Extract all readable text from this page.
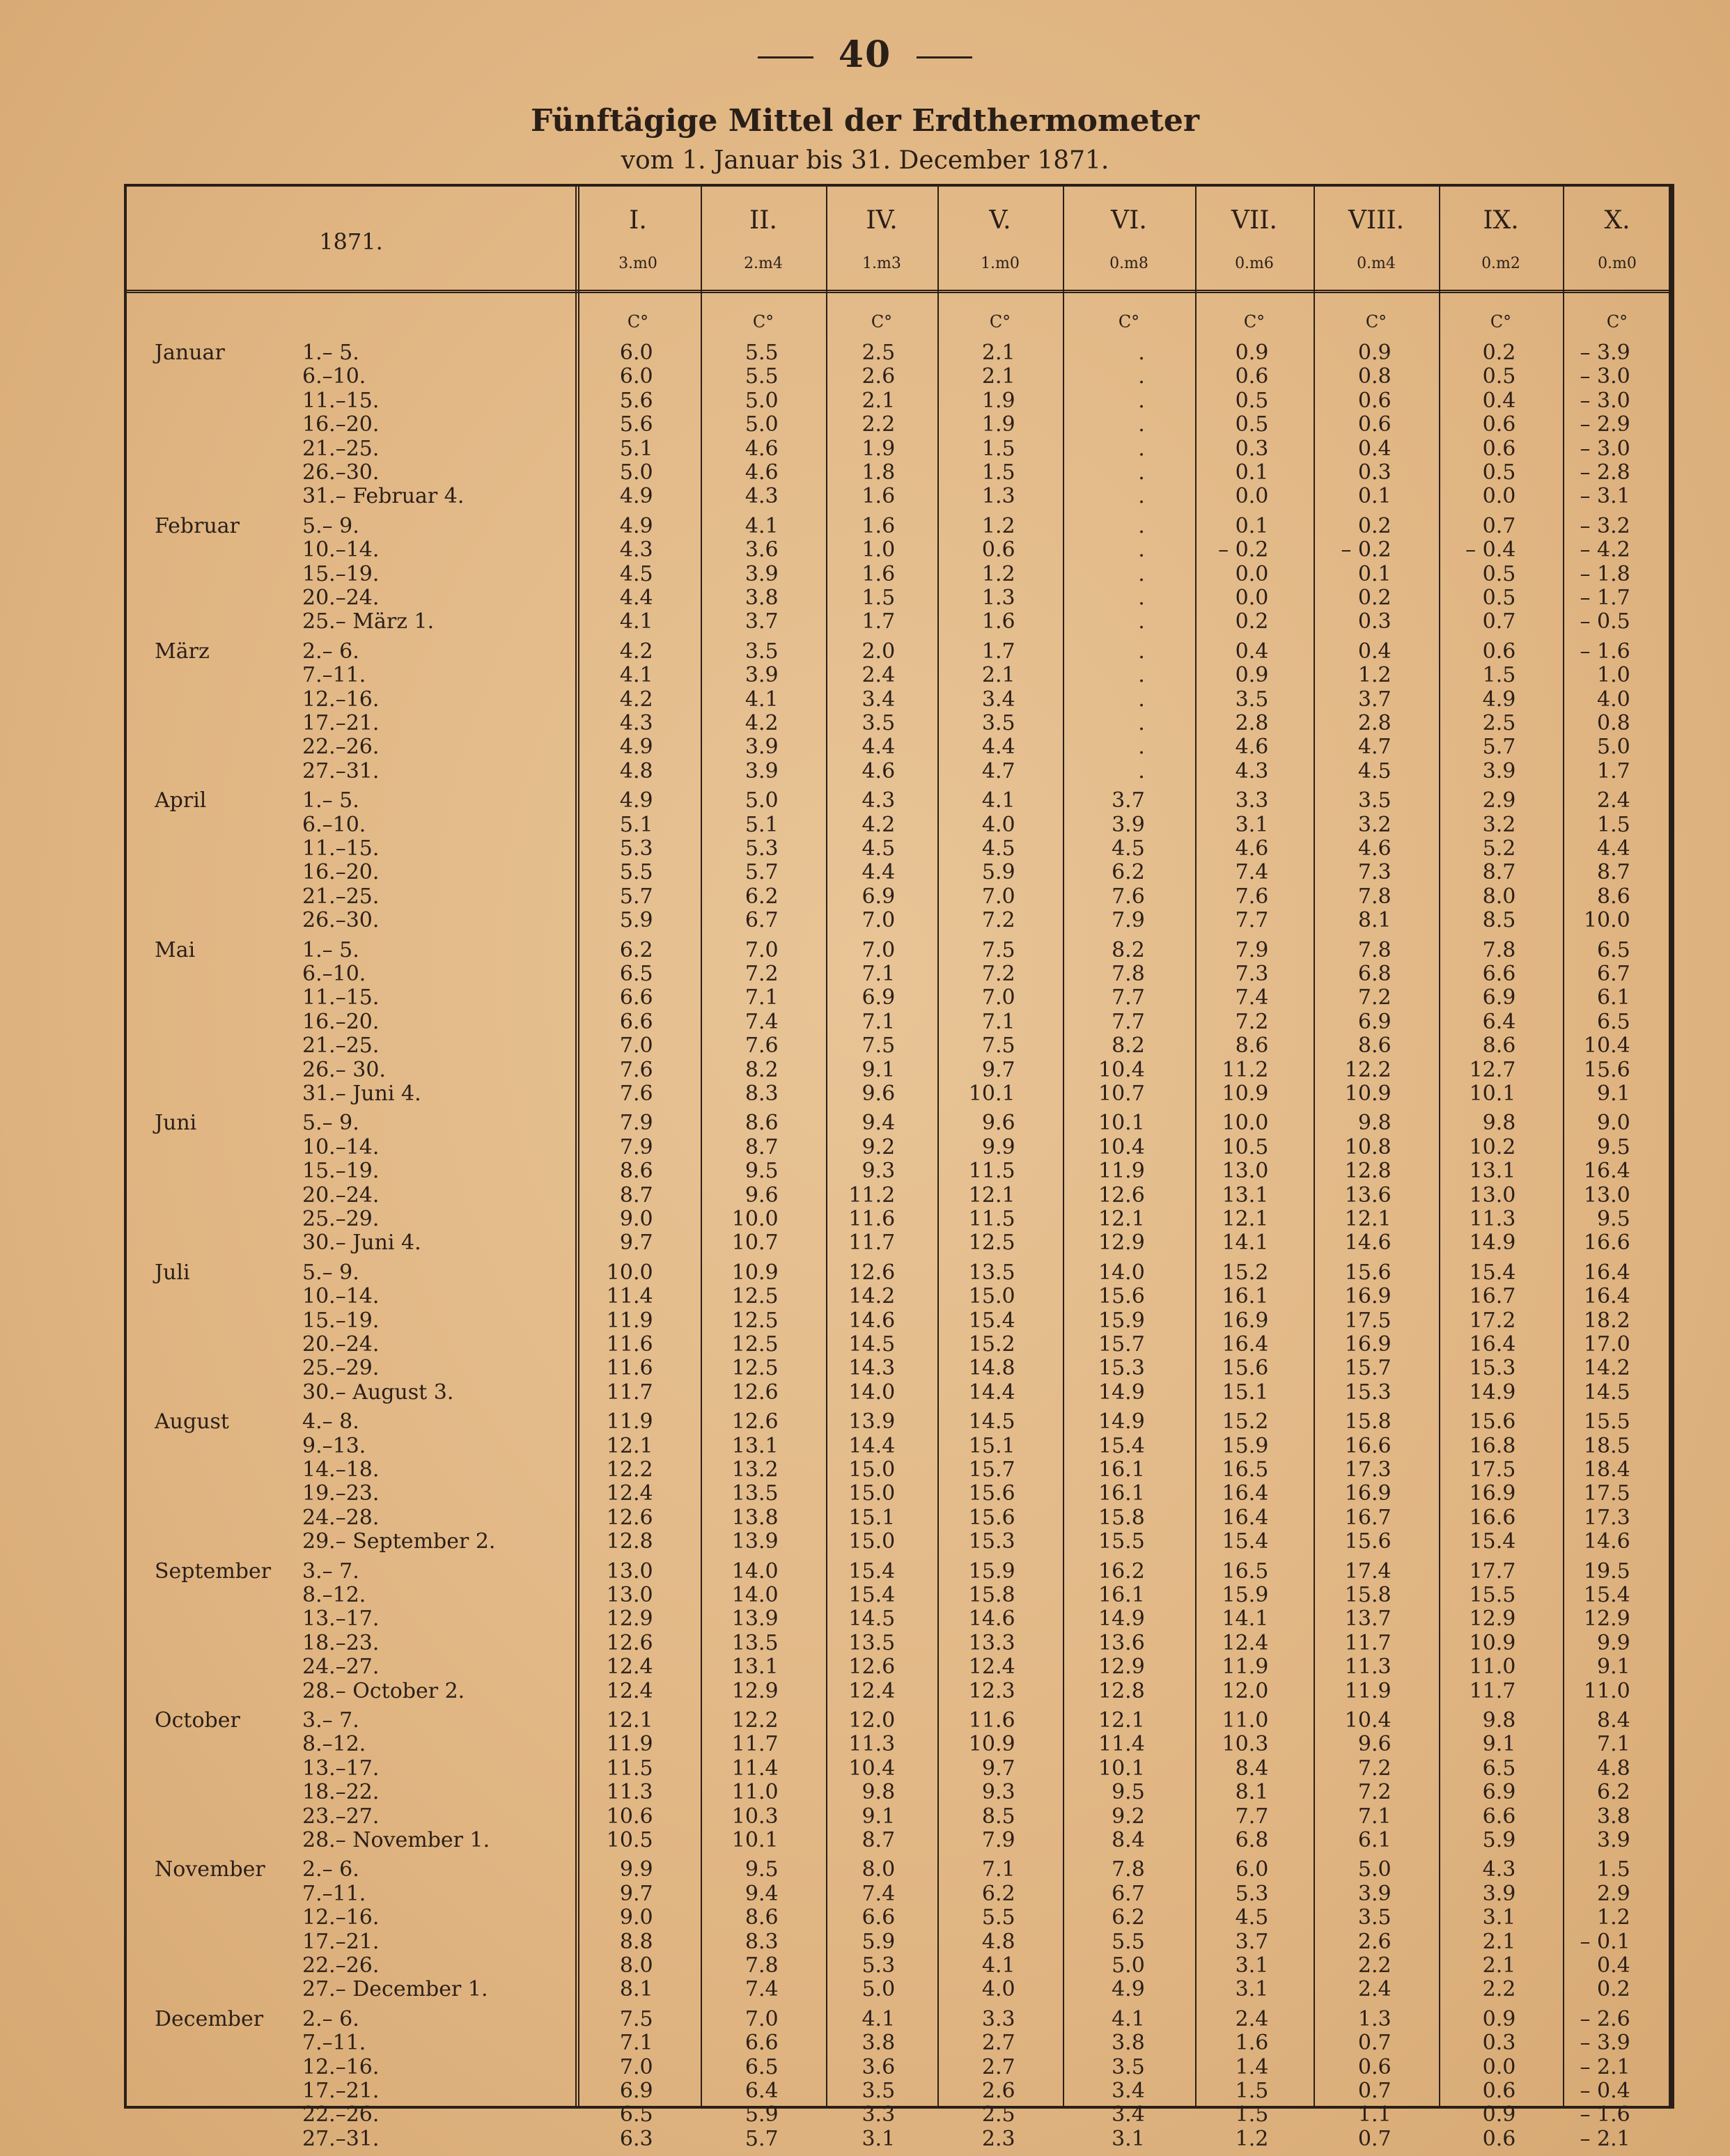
40
Fünftägige Mittel der Erdthermometer
vom 1. Januar bis 31. December 1871.
1871.
I.
3.m0
C°
II.
2.m4
C°
IV.
1.m3
C°
V.
1.m0
C°
VI.
0.m8
C°
VII.
0.m6
C°
VIII.
0.m4
C°
IX.
0.m2
C°
X.
0.m0
C°
Januar	1.– 5.	6.0	5.5	2.5	2.1	.	0.9	0.9	0.2	– 3.9
6.–10.	6.0	5.5	2.6	2.1	.	0.6	0.8	0.5	– 3.0
11.–15.	5.6	5.0	2.1	1.9	.	0.5	0.6	0.4	– 3.0
16.–20.	5.6	5.0	2.2	1.9	.	0.5	0.6	0.6	– 2.9
21.–25.	5.1	4.6	1.9	1.5	.	0.3	0.4	0.6	– 3.0
26.–30.	5.0	4.6	1.8	1.5	.	0.1	0.3	0.5	– 2.8
31.– Februar 4.	4.9	4.3	1.6	1.3	.	0.0	0.1	0.0	– 3.1
Februar	5.– 9.	4.9	4.1	1.6	1.2	.	0.1	0.2	0.7	– 3.2
10.–14.	4.3	3.6	1.0	0.6	.	– 0.2	– 0.2	– 0.4	– 4.2
15.–19.	4.5	3.9	1.6	1.2	.	0.0	0.1	0.5	– 1.8
20.–24.	4.4	3.8	1.5	1.3	.	0.0	0.2	0.5	– 1.7
25.– März 1.	4.1	3.7	1.7	1.6	.	0.2	0.3	0.7	– 0.5
März	2.– 6.	4.2	3.5	2.0	1.7	.	0.4	0.4	0.6	– 1.6
7.–11.	4.1	3.9	2.4	2.1	.	0.9	1.2	1.5	1.0
12.–16.	4.2	4.1	3.4	3.4	.	3.5	3.7	4.9	4.0
17.–21.	4.3	4.2	3.5	3.5	.	2.8	2.8	2.5	0.8
22.–26.	4.9	3.9	4.4	4.4	.	4.6	4.7	5.7	5.0
27.–31.	4.8	3.9	4.6	4.7	.	4.3	4.5	3.9	1.7
April	1.– 5.	4.9	5.0	4.3	4.1	3.7	3.3	3.5	2.9	2.4
6.–10.	5.1	5.1	4.2	4.0	3.9	3.1	3.2	3.2	1.5
11.–15.	5.3	5.3	4.5	4.5	4.5	4.6	4.6	5.2	4.4
16.–20.	5.5	5.7	4.4	5.9	6.2	7.4	7.3	8.7	8.7
21.–25.	5.7	6.2	6.9	7.0	7.6	7.6	7.8	8.0	8.6
26.–30.	5.9	6.7	7.0	7.2	7.9	7.7	8.1	8.5	10.0
Mai	1.– 5.	6.2	7.0	7.0	7.5	8.2	7.9	7.8	7.8	6.5
6.–10.	6.5	7.2	7.1	7.2	7.8	7.3	6.8	6.6	6.7
11.–15.	6.6	7.1	6.9	7.0	7.7	7.4	7.2	6.9	6.1
16.–20.	6.6	7.4	7.1	7.1	7.7	7.2	6.9	6.4	6.5
21.–25.	7.0	7.6	7.5	7.5	8.2	8.6	8.6	8.6	10.4
26.– 30.	7.6	8.2	9.1	9.7	10.4	11.2	12.2	12.7	15.6
31.– Juni 4.	7.6	8.3	9.6	10.1	10.7	10.9	10.9	10.1	9.1
Juni	5.– 9.	7.9	8.6	9.4	9.6	10.1	10.0	9.8	9.8	9.0
10.–14.	7.9	8.7	9.2	9.9	10.4	10.5	10.8	10.2	9.5
15.–19.	8.6	9.5	9.3	11.5	11.9	13.0	12.8	13.1	16.4
20.–24.	8.7	9.6	11.2	12.1	12.6	13.1	13.6	13.0	13.0
25.–29.	9.0	10.0	11.6	11.5	12.1	12.1	12.1	11.3	9.5
30.– Juni 4.	9.7	10.7	11.7	12.5	12.9	14.1	14.6	14.9	16.6
Juli	5.– 9.	10.0	10.9	12.6	13.5	14.0	15.2	15.6	15.4	16.4
10.–14.	11.4	12.5	14.2	15.0	15.6	16.1	16.9	16.7	16.4
15.–19.	11.9	12.5	14.6	15.4	15.9	16.9	17.5	17.2	18.2
20.–24.	11.6	12.5	14.5	15.2	15.7	16.4	16.9	16.4	17.0
25.–29.	11.6	12.5	14.3	14.8	15.3	15.6	15.7	15.3	14.2
30.– August 3.	11.7	12.6	14.0	14.4	14.9	15.1	15.3	14.9	14.5
August	4.– 8.	11.9	12.6	13.9	14.5	14.9	15.2	15.8	15.6	15.5
9.–13.	12.1	13.1	14.4	15.1	15.4	15.9	16.6	16.8	18.5
14.–18.	12.2	13.2	15.0	15.7	16.1	16.5	17.3	17.5	18.4
19.–23.	12.4	13.5	15.0	15.6	16.1	16.4	16.9	16.9	17.5
24.–28.	12.6	13.8	15.1	15.6	15.8	16.4	16.7	16.6	17.3
29.– September 2.	12.8	13.9	15.0	15.3	15.5	15.4	15.6	15.4	14.6
September 3.– 7.	13.0	14.0	15.4	15.9	16.2	16.5	17.4	17.7	19.5
8.–12.	13.0	14.0	15.4	15.8	16.1	15.9	15.8	15.5	15.4
13.–17.	12.9	13.9	14.5	14.6	14.9	14.1	13.7	12.9	12.9
18.–23.	12.6	13.5	13.5	13.3	13.6	12.4	11.7	10.9	9.9
24.–27.	12.4	13.1	12.6	12.4	12.9	11.9	11.3	11.0	9.1
28.– October 2.	12.4	12.9	12.4	12.3	12.8	12.0	11.9	11.7	11.0
October	3.– 7.	12.1	12.2	12.0	11.6	12.1	11.0	10.4	9.8	8.4
8.–12.	11.9	11.7	11.3	10.9	11.4	10.3	9.6	9.1	7.1
13.–17.	11.5	11.4	10.4	9.7	10.1	8.4	7.2	6.5	4.8
18.–22.	11.3	11.0	9.8	9.3	9.5	8.1	7.2	6.9	6.2
23.–27.	10.6	10.3	9.1	8.5	9.2	7.7	7.1	6.6	3.8
28.– November 1.	10.5	10.1	8.7	7.9	8.4	6.8	6.1	5.9	3.9
November 2.– 6.	9.9	9.5	8.0	7.1	7.8	6.0	5.0	4.3	1.5
7.–11.	9.7	9.4	7.4	6.2	6.7	5.3	3.9	3.9	2.9
12.–16.	9.0	8.6	6.6	5.5	6.2	4.5	3.5	3.1	1.2
17.–21.	8.8	8.3	5.9	4.8	5.5	3.7	2.6	2.1	– 0.1
22.–26.	8.0	7.8	5.3	4.1	5.0	3.1	2.2	2.1	0.4
27.– December 1.	8.1	7.4	5.0	4.0	4.9	3.1	2.4	2.2	0.2
December 2.– 6.	7.5	7.0	4.1	3.3	4.1	2.4	1.3	0.9	– 2.6
7.–11.	7.1	6.6	3.8	2.7	3.8	1.6	0.7	0.3	– 3.9
12.–16.	7.0	6.5	3.6	2.7	3.5	1.4	0.6	0.0	– 2.1
17.–21.	6.9	6.4	3.5	2.6	3.4	1.5	0.7	0.6	– 0.4
22.–26.	6.5	5.9	3.3	2.5	3.4	1.5	1.1	0.9	– 1.6
27.–31.	6.3	5.7	3.1	2.3	3.1	1.2	0.7	0.6	– 2.1
